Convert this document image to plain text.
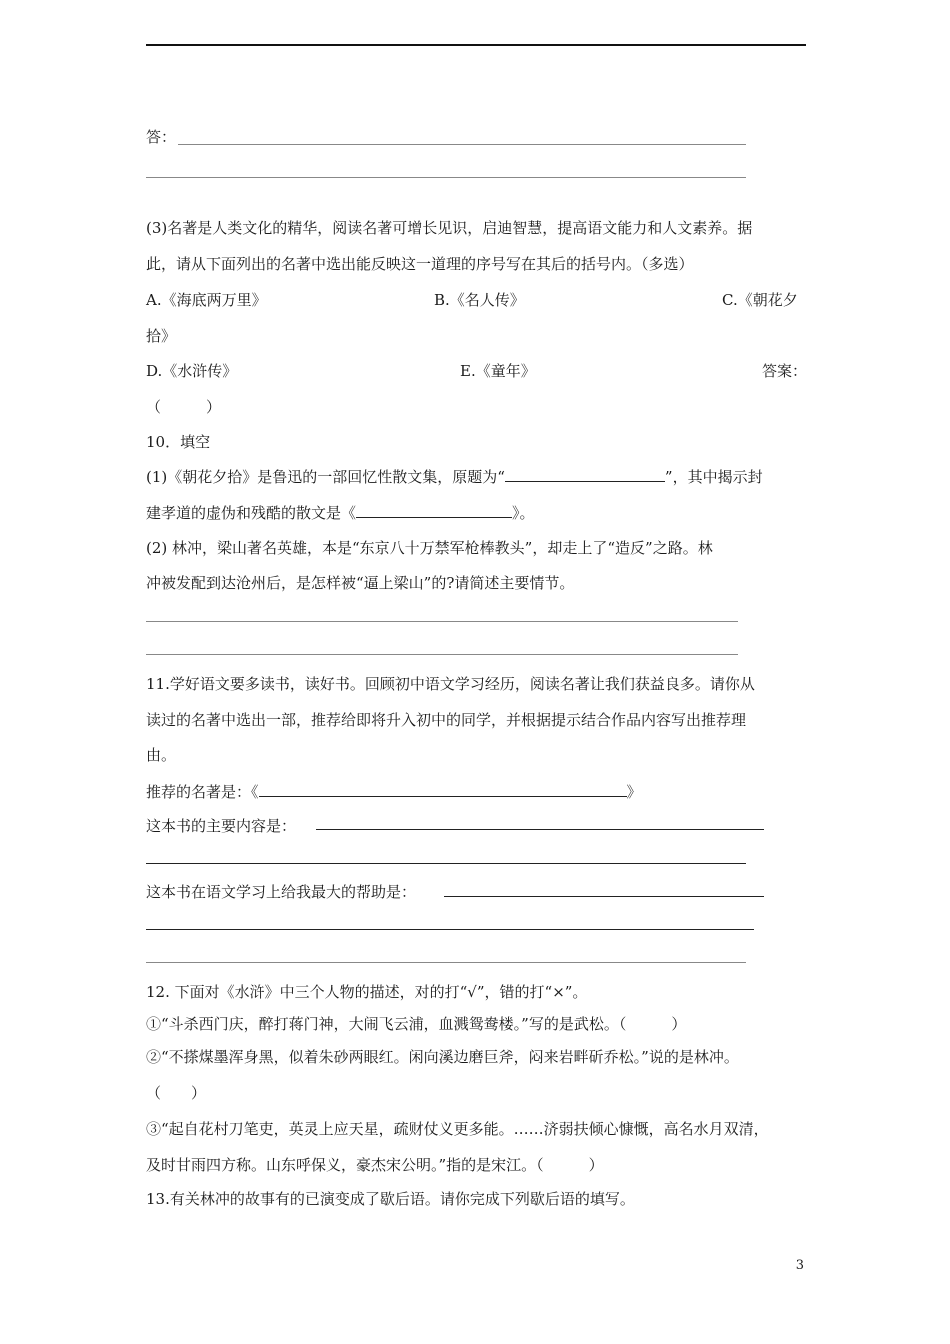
答：
(3)名著是人类文化的精华，阅读名著可增长见识，启迪智慧，提高语文能力和人文素养。据
此，请从下面列出的名著中选出能反映这一道理的序号写在其后的括号内。（多选）
A.《海底两万里》	B.《名人传》	C.《朝花夕
拾》
D.《水浒传》	E.《童年》	答案：
（　　　）
10．填空
(1)《朝花夕拾》是鲁迅的一部回忆性散文集，原题为“	”，其中揭示封
建孝道的虚伪和残酷的散文是《	》。
(2) 林冲，梁山著名英雄，本是“东京八十万禁军枪棒教头”，却走上了“造反”之路。林
冲被发配到达沧州后，是怎样被“逼上梁山”的?请简述主要情节。
11.学好语文要多读书，读好书。回顾初中语文学习经历，阅读名著让我们获益良多。请你从
读过的名著中选出一部，推荐给即将升入初中的同学，并根据提示结合作品内容写出推荐理
由。
推荐的名著是：《	》
这本书的主要内容是：
这本书在语文学习上给我最大的帮助是：
12. 下面对《水浒》中三个人物的描述，对的打“√”，错的打“×”。
①“斗杀西门庆，醉打蒋门神，大闹飞云浦，血溅鸳鸯楼。”写的是武松。（　　　）
②“不搽煤墨浑身黑，似着朱砂两眼红。闲向溪边磨巨斧，闷来岩畔斫乔松。”说的是林冲。
（　　）
③“起自花村刀笔吏，英灵上应天星，疏财仗义更多能。……济弱扶倾心慷慨，高名水月双清，
及时甘雨四方称。山东呼保义，豪杰宋公明。”指的是宋江。（　　　）
13.有关林冲的故事有的已演变成了歇后语。请你完成下列歇后语的填写。
3
